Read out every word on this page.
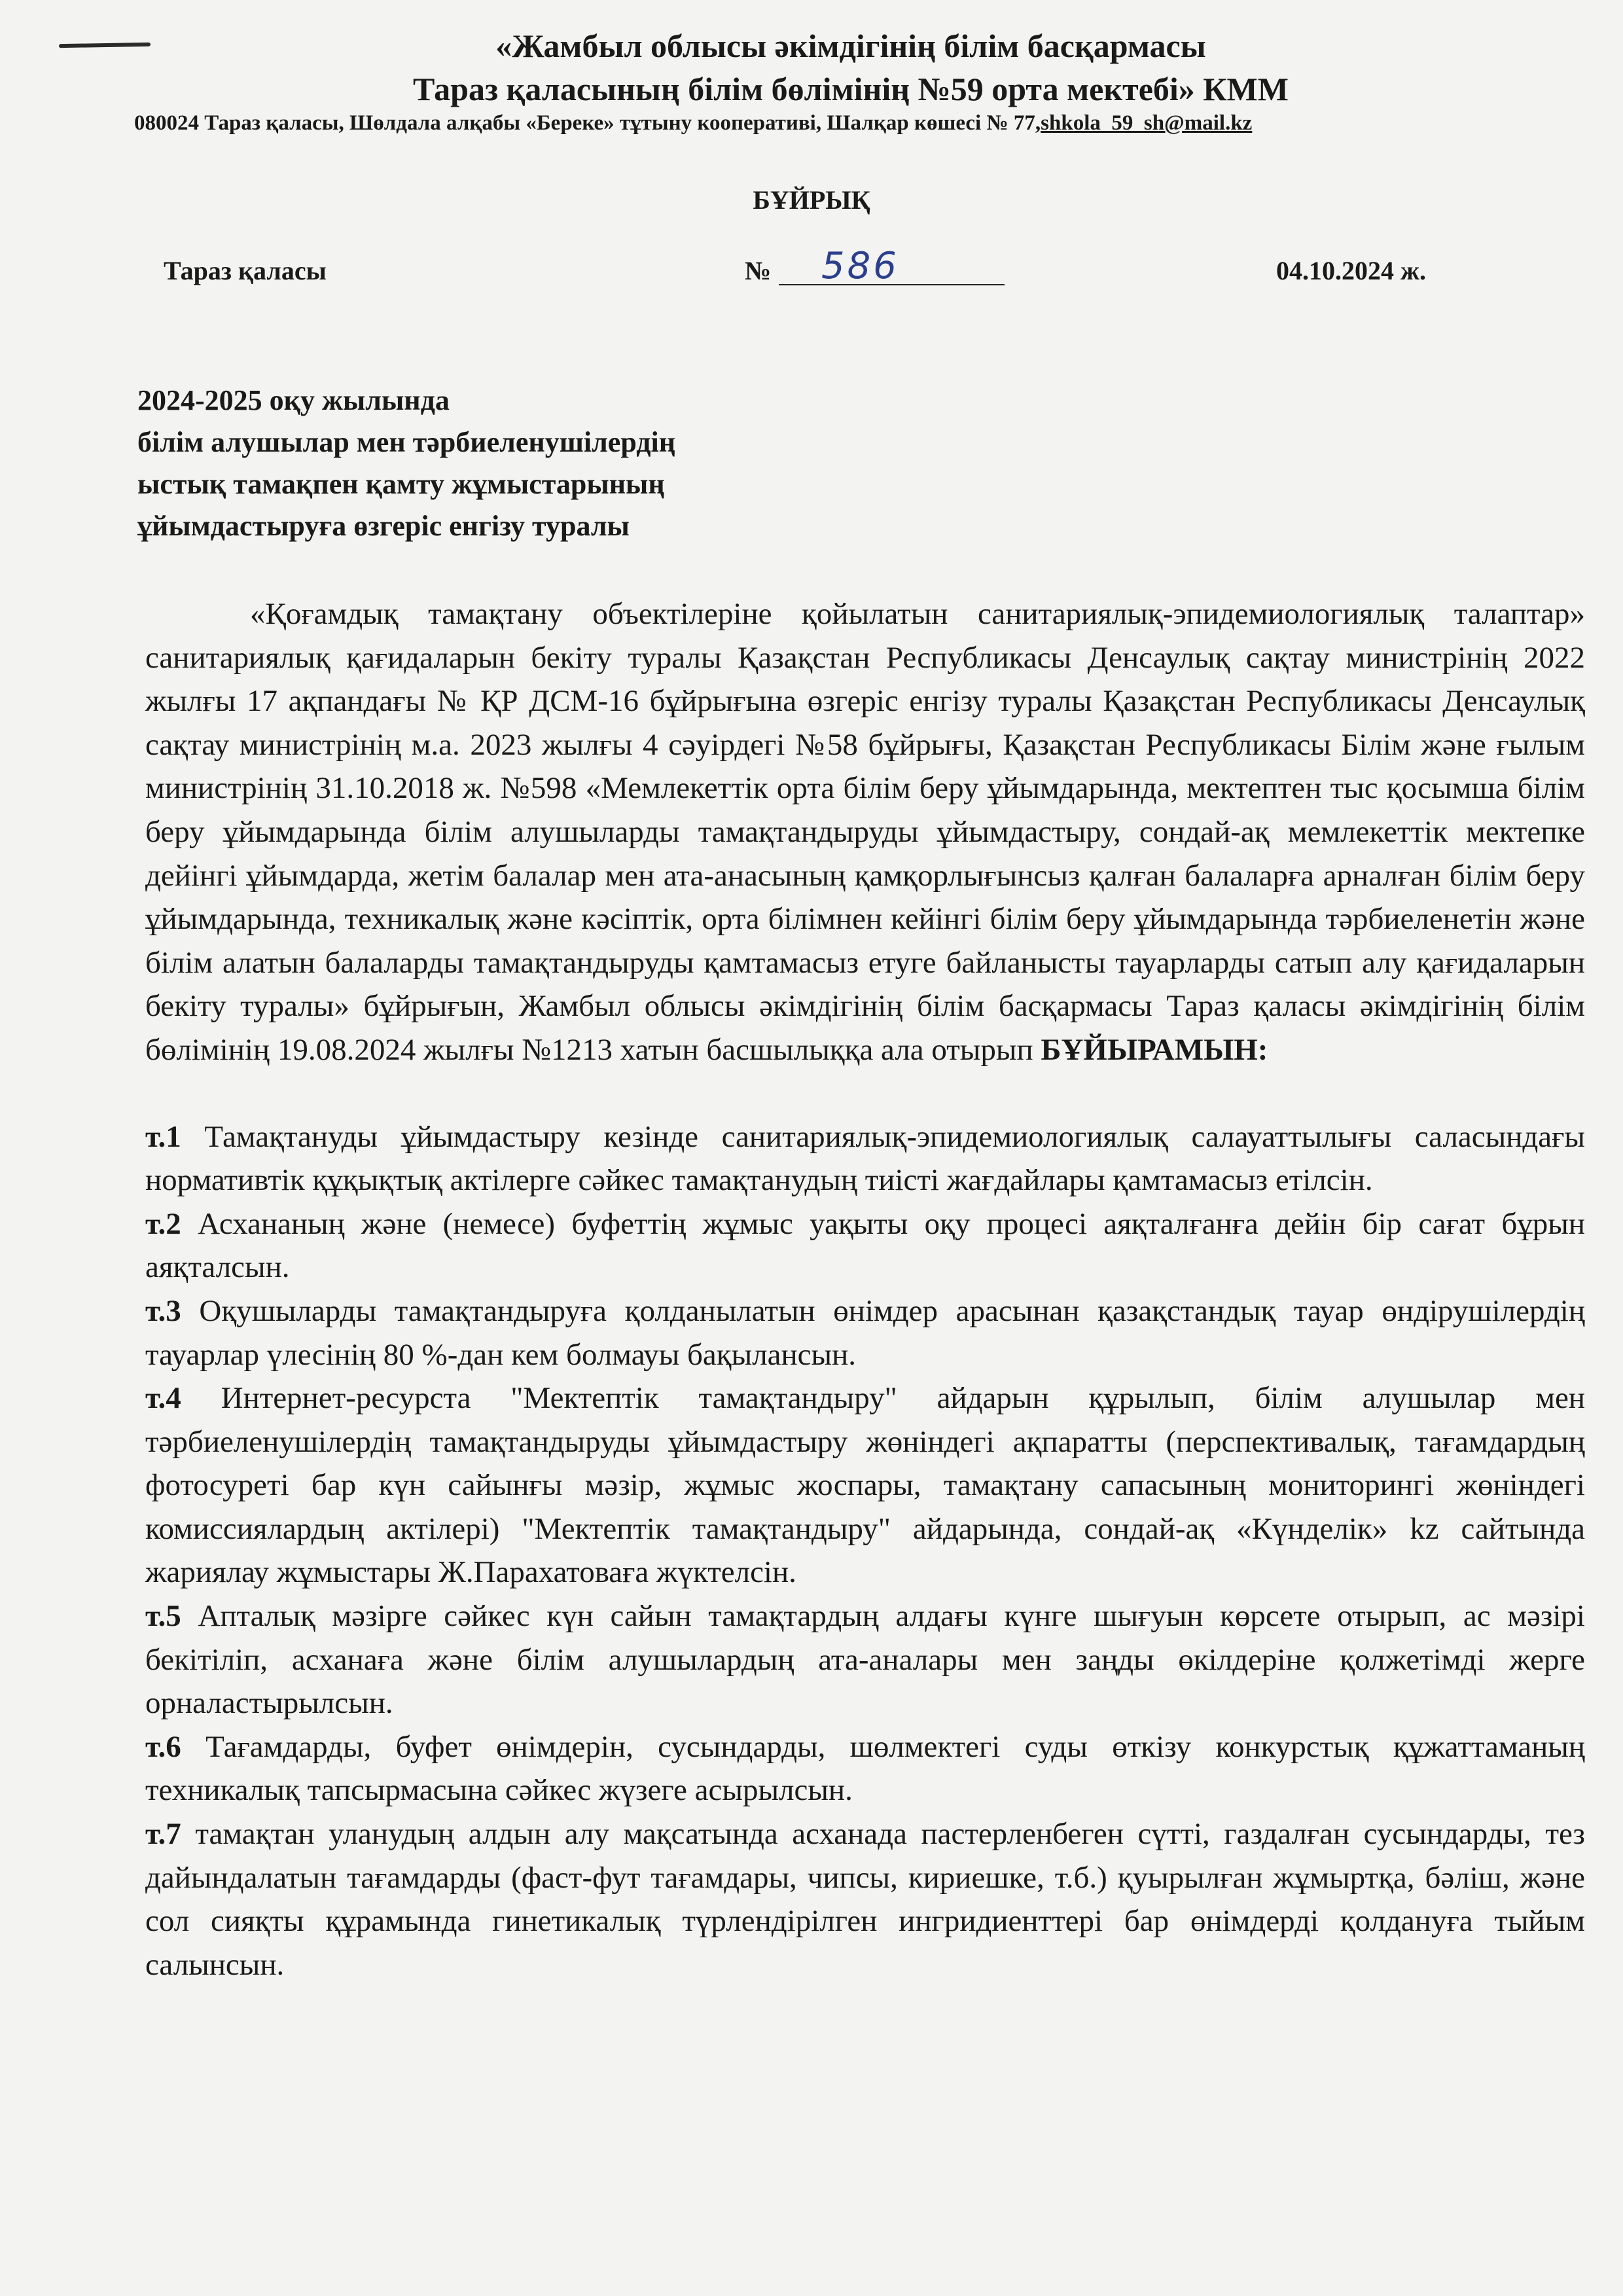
«Жамбыл облысы әкімдігінің білім басқармасы
Тараз қаласының білім бөлімінің №59 орта мектебі» КММ
080024 Тараз қаласы, Шөлдала алқабы «Береке» тұтыну кооперативі, Шалқар көшесі № 77,shkola_59_sh@mail.kz
БҰЙРЫҚ
Тараз қаласы	№ 586	04.10.2024 ж.
2024-2025 оқу жылында
білім алушылар мен тәрбиеленушілердің
ыстық тамақпен қамту жұмыстарының
ұйымдастыруға өзгеріс енгізу туралы

«Қоғамдық тамақтану объектілеріне қойылатын санитариялық-эпидемиологиялық талаптар» санитариялық қағидаларын бекіту туралы Қазақстан Республикасы Денсаулық сақтау министрінің 2022 жылғы 17 ақпандағы № ҚР ДСМ-16 бұйрығына өзгеріс енгізу туралы Қазақстан Республикасы Денсаулық сақтау министрінің м.а. 2023 жылғы 4 сәуірдегі №58 бұйрығы, Қазақстан Республикасы Білім және ғылым министрінің 31.10.2018 ж. №598 «Мемлекеттік орта білім беру ұйымдарында, мектептен тыс қосымша білім беру ұйымдарында білім алушыларды тамақтандыруды ұйымдастыру, сондай-ақ мемлекеттік мектепке дейінгі ұйымдарда, жетім балалар мен ата-анасының қамқорлығынсыз қалған балаларға арналған білім беру ұйымдарында, техникалық және кәсіптік, орта білімнен кейінгі білім беру ұйымдарында тәрбиеленетін және білім алатын балаларды тамақтандыруды қамтамасыз етуге байланысты тауарларды сатып алу қағидаларын бекіту туралы» бұйрығын, Жамбыл облысы әкімдігінің білім басқармасы Тараз қаласы әкімдігінің білім бөлімінің 19.08.2024 жылғы №1213 хатын басшылыққа ала отырып БҰЙЫРАМЫН:

т.1 Тамақтануды ұйымдастыру кезінде санитариялық-эпидемиологиялық салауаттылығы саласындағы нормативтік құқықтық актілерге сәйкес тамақтанудың тиісті жағдайлары қамтамасыз етілсін.

т.2 Асхананың және (немесе) буфеттің жұмыс уақыты оқу процесі аяқталғанға дейін бір сағат бұрын аяқталсын.

т.3 Оқушыларды тамақтандыруға қолданылатын өнімдер арасынан қазақстандық тауар өндірушілердің тауарлар үлесінің 80 %-дан кем болмауы бақылансын.

т.4 Интернет-ресурста "Мектептік тамақтандыру" айдарын құрылып, білім алушылар мен тәрбиеленушілердің тамақтандыруды ұйымдастыру жөніндегі ақпаратты (перспективалық, тағамдардың фотосуреті бар күн сайынғы мәзір, жұмыс жоспары, тамақтану сапасының мониторингі жөніндегі комиссиялардың актілері) "Мектептік тамақтандыру" айдарында, сондай-ақ «Күнделік» kz сайтында жариялау жұмыстары Ж.Парахатоваға жүктелсін.

т.5 Апталық мәзірге сәйкес күн сайын тамақтардың алдағы күнге шығуын көрсете отырып, ас мәзірі бекітіліп, асханаға және білім алушылардың ата-аналары мен заңды өкілдеріне қолжетімді жерге орналастырылсын.

т.6 Тағамдарды, буфет өнімдерін, сусындарды, шөлмектегі суды өткізу конкурстық құжаттаманың техникалық тапсырмасына сәйкес жүзеге асырылсын.

т.7 тамақтан уланудың алдын алу мақсатында асханада пастерленбеген сүтті, газдалған сусындарды, тез дайындалатын тағамдарды (фаст-фут тағамдары, чипсы, кириешке, т.б.) қуырылған жұмыртқа, бәліш, және сол сияқты құрамында гинетикалық түрлендірілген ингридиенттері бар өнімдерді қолдануға тыйым салынсын.
